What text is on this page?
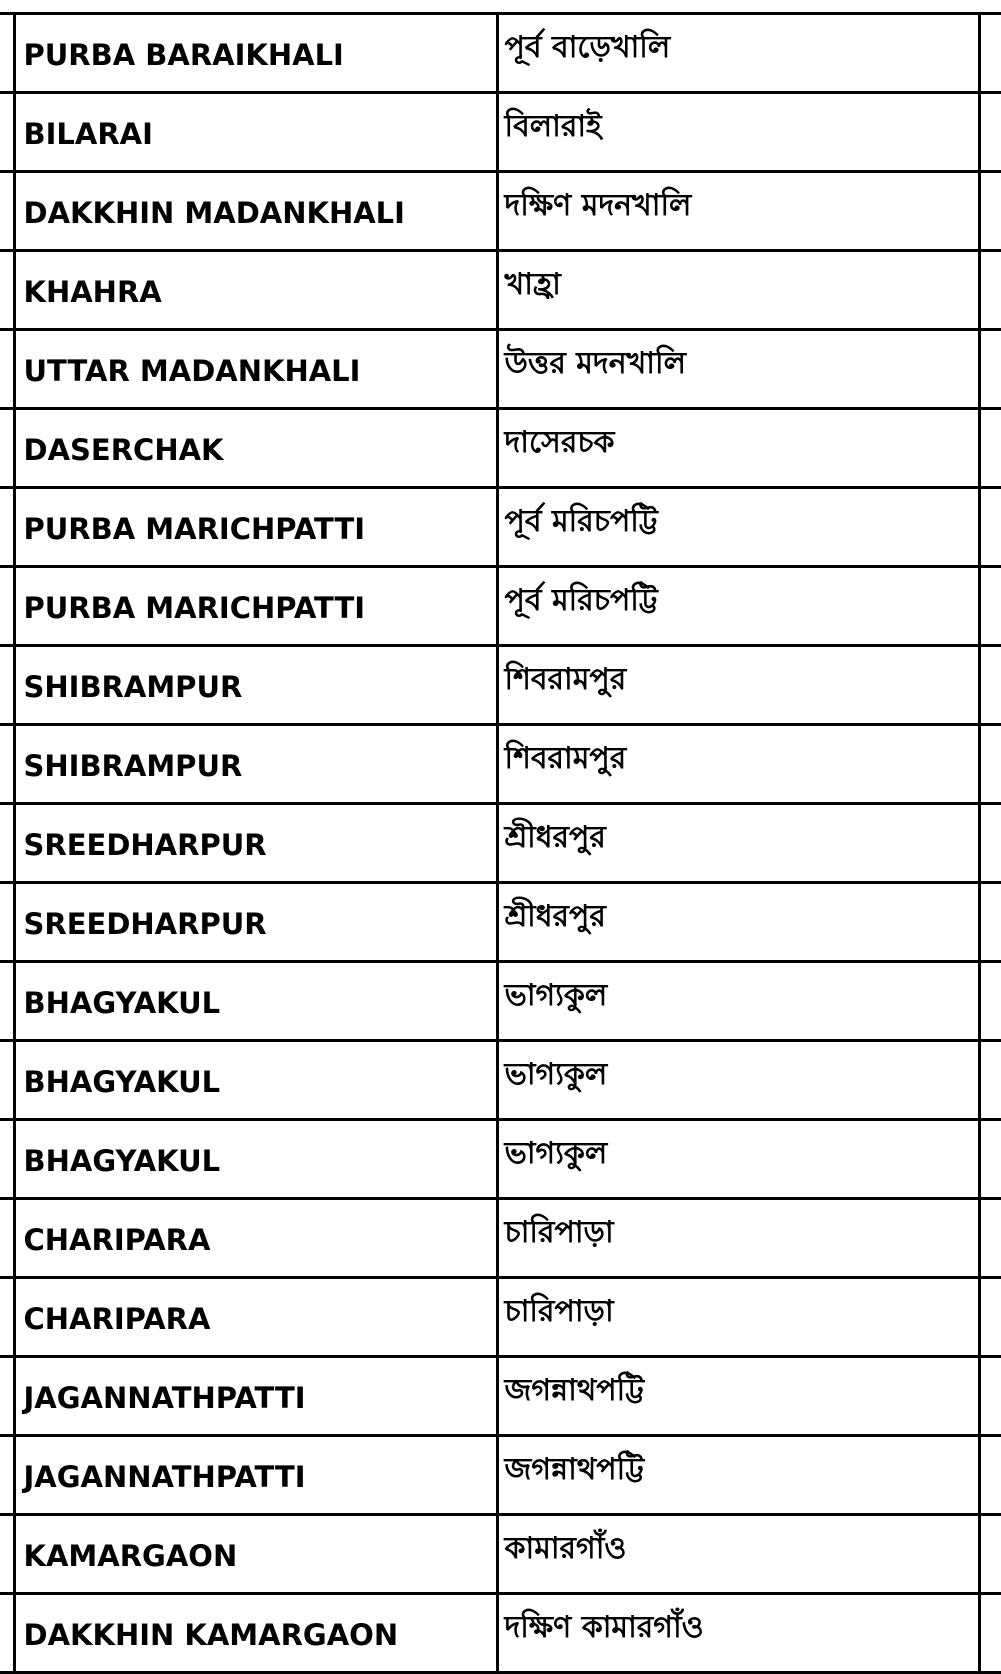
	PURBA BARAIKHALI	পূর্ব বাড়েখালি	
	BILARAI	বিলারাই	
	DAKKHIN MADANKHALI	দক্ষিণ মদনখালি	
	KHAHRA	খাহ্রা	
	UTTAR MADANKHALI	উত্তর মদনখালি	
	DASERCHAK	দাসেরচক	
	PURBA MARICHPATTI	পূর্ব মরিচপট্টি	
	PURBA MARICHPATTI	পূর্ব মরিচপট্টি	
	SHIBRAMPUR	শিবরামপুর	
	SHIBRAMPUR	শিবরামপুর	
	SREEDHARPUR	শ্রীধরপুর	
	SREEDHARPUR	শ্রীধরপুর	
	BHAGYAKUL	ভাগ্যকুল	
	BHAGYAKUL	ভাগ্যকুল	
	BHAGYAKUL	ভাগ্যকুল	
	CHARIPARA	চারিপাড়া	
	CHARIPARA	চারিপাড়া	
	JAGANNATHPATTI	জগন্নাথপট্টি	
	JAGANNATHPATTI	জগন্নাথপট্টি	
	KAMARGAON	কামারগাঁও	
	DAKKHIN KAMARGAON	দক্ষিণ কামারগাঁও	
